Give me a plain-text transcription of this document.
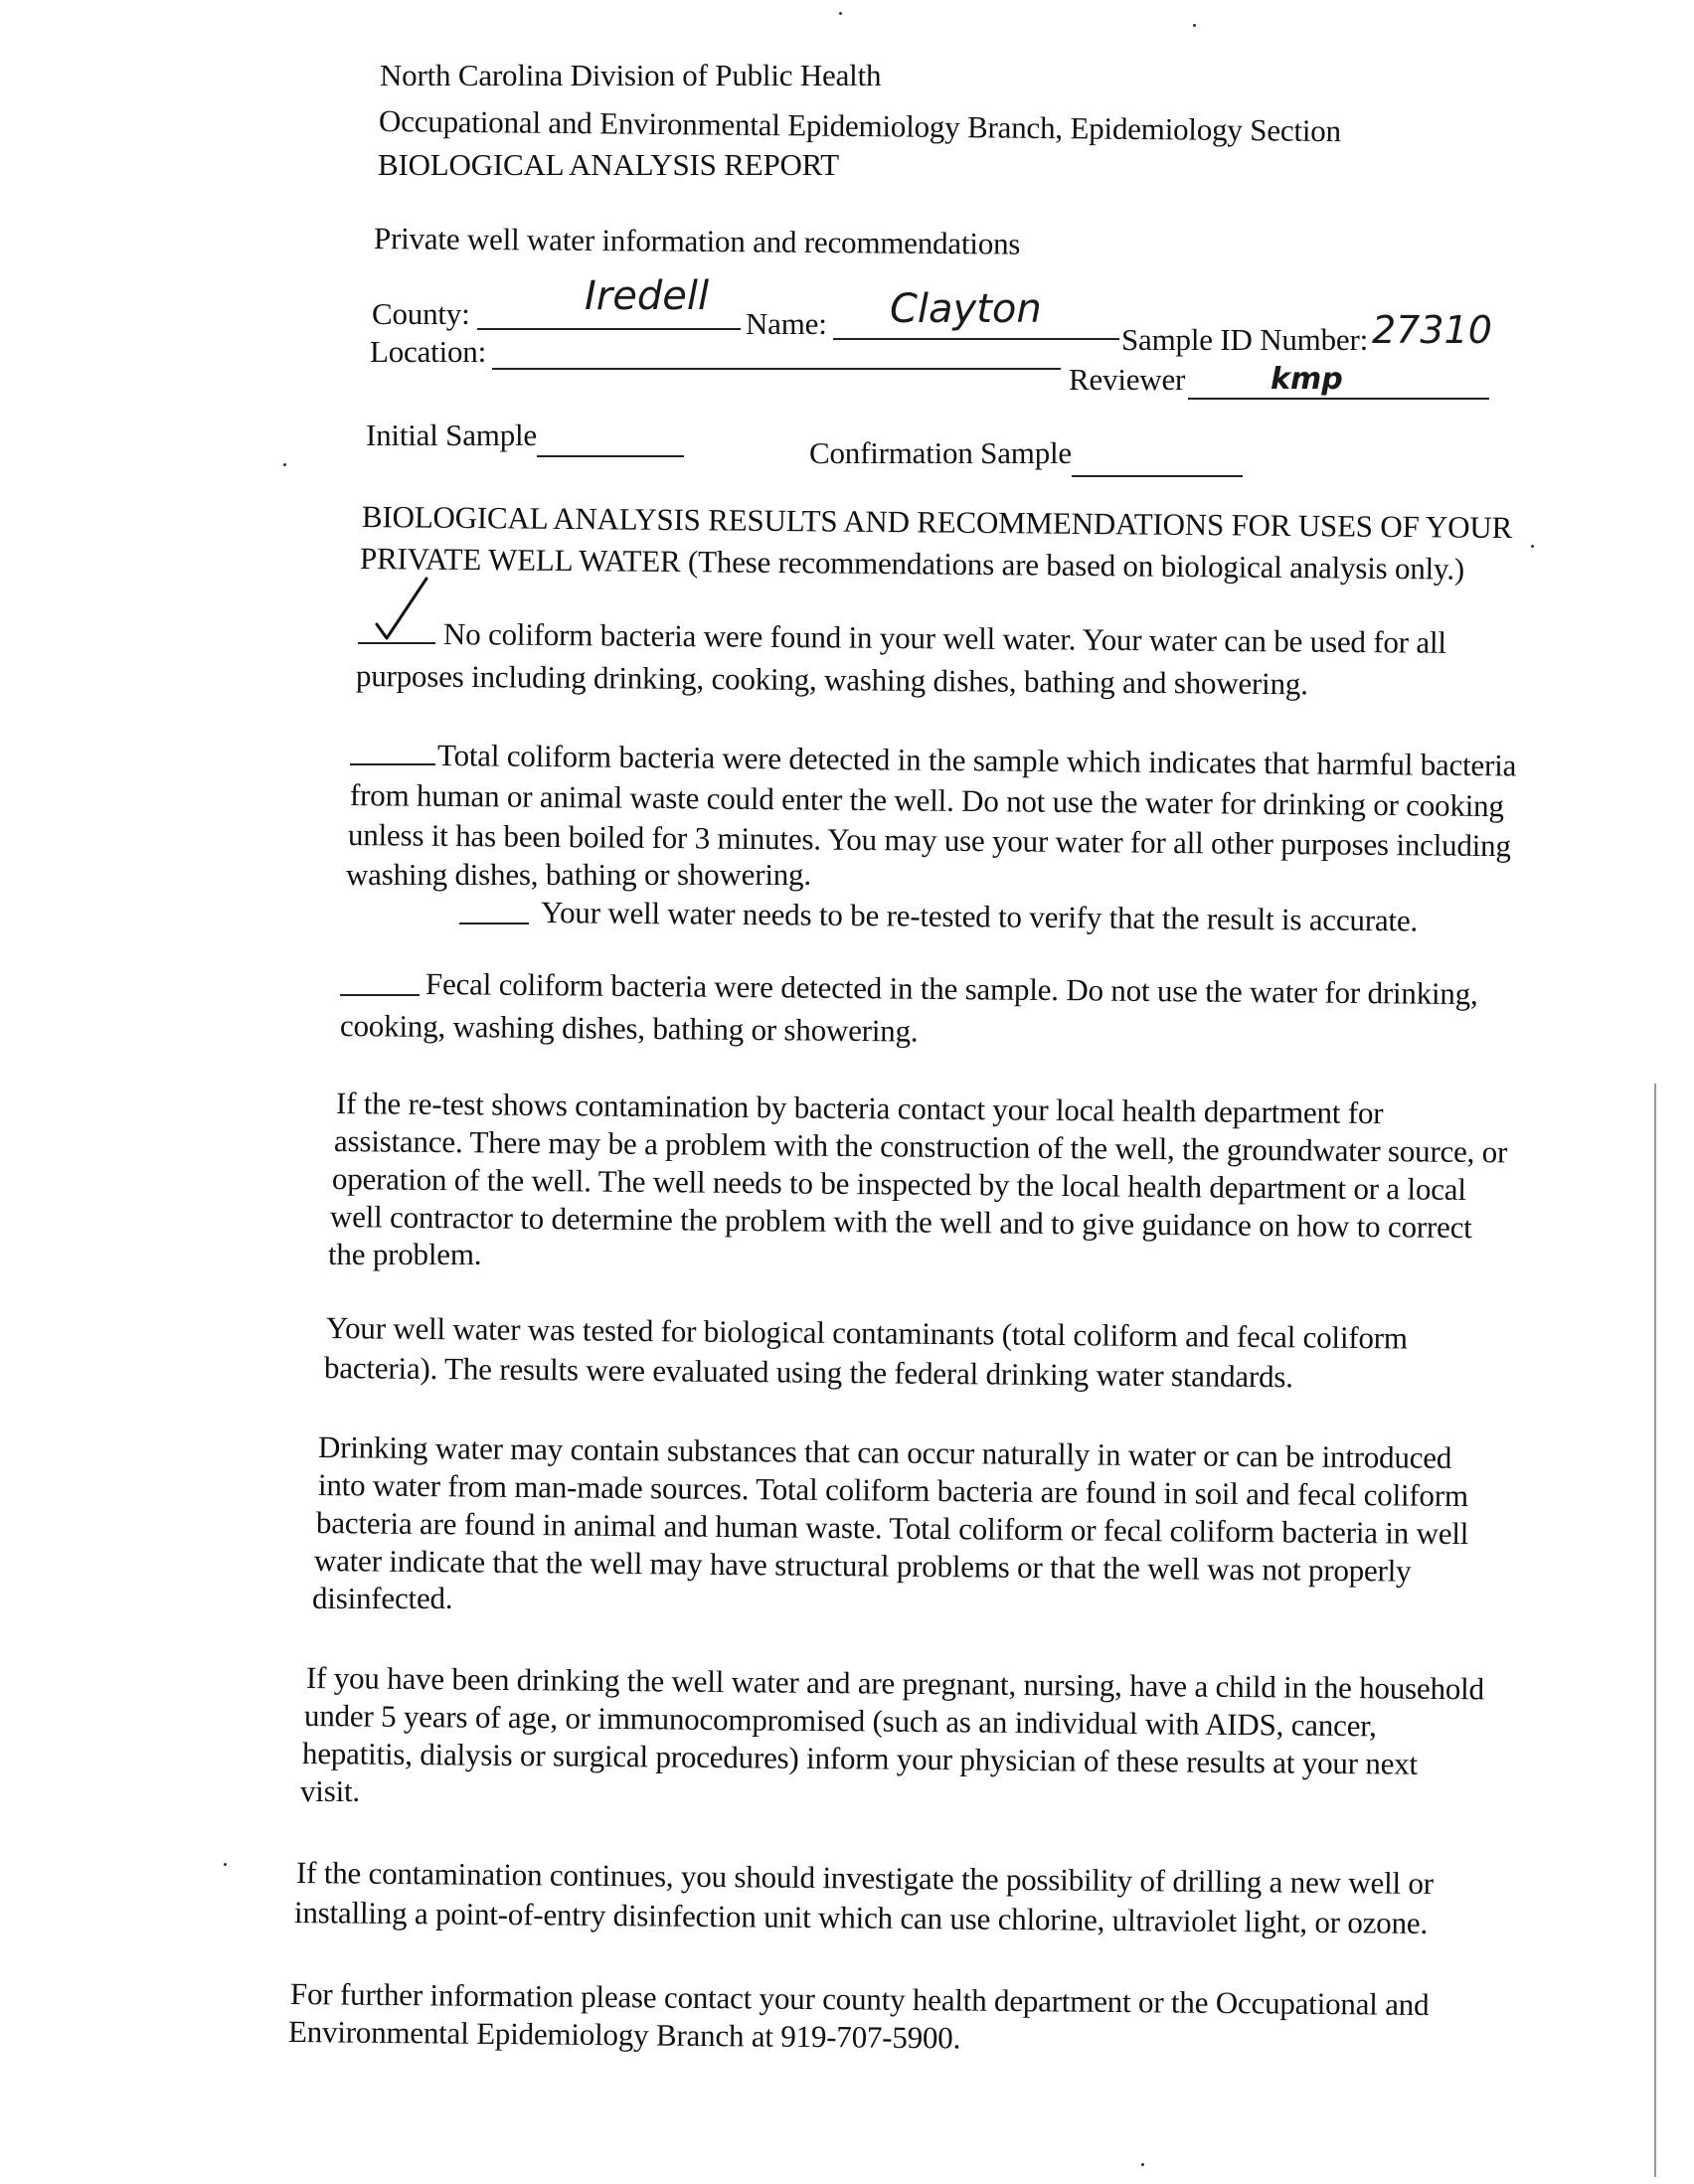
North Carolina Division of Public Health
Occupational and Environmental Epidemiology Branch, Epidemiology Section
BIOLOGICAL ANALYSIS REPORT
Private well water information and recommendations
County:	Iredell
Name: Clayton
Sample ID Number: 27310
Location:
Reviewer	kmp
Initial Sample
Confirmation Sample
BIOLOGICAL ANALYSIS RESULTS AND RECOMMENDATIONS FOR USES OF YOUR
PRIVATE WELL WATER (These recommendations are based on biological analysis only.)
No coliform bacteria were found in your well water. Your water can be used for all
purposes including drinking, cooking, washing dishes, bathing and showering.
Total coliform bacteria were detected in the sample which indicates that harmful bacteria
from human or animal waste could enter the well. Do not use the water for drinking or cooking
unless it has been boiled for 3 minutes. You may use your water for all other purposes including
washing dishes, bathing or showering.
Your well water needs to be re-tested to verify that the result is accurate.
Fecal coliform bacteria were detected in the sample. Do not use the water for drinking,
cooking, washing dishes, bathing or showering.
If the re-test shows contamination by bacteria contact your local health department for
assistance. There may be a problem with the construction of the well, the groundwater source, or
operation of the well. The well needs to be inspected by the local health department or a local
well contractor to determine the problem with the well and to give guidance on how to correct
the problem.
Your well water was tested for biological contaminants (total coliform and fecal coliform
bacteria). The results were evaluated using the federal drinking water standards.
Drinking water may contain substances that can occur naturally in water or can be introduced
into water from man-made sources. Total coliform bacteria are found in soil and fecal coliform
bacteria are found in animal and human waste. Total coliform or fecal coliform bacteria in well
water indicate that the well may have structural problems or that the well was not properly
disinfected.
If you have been drinking the well water and are pregnant, nursing, have a child in the household
under 5 years of age, or immunocompromised (such as an individual with AIDS, cancer,
hepatitis, dialysis or surgical procedures) inform your physician of these results at your next
visit.
If the contamination continues, you should investigate the possibility of drilling a new well or
installing a point-of-entry disinfection unit which can use chlorine, ultraviolet light, or ozone.
For further information please contact your county health department or the Occupational and
Environmental Epidemiology Branch at 919-707-5900.
